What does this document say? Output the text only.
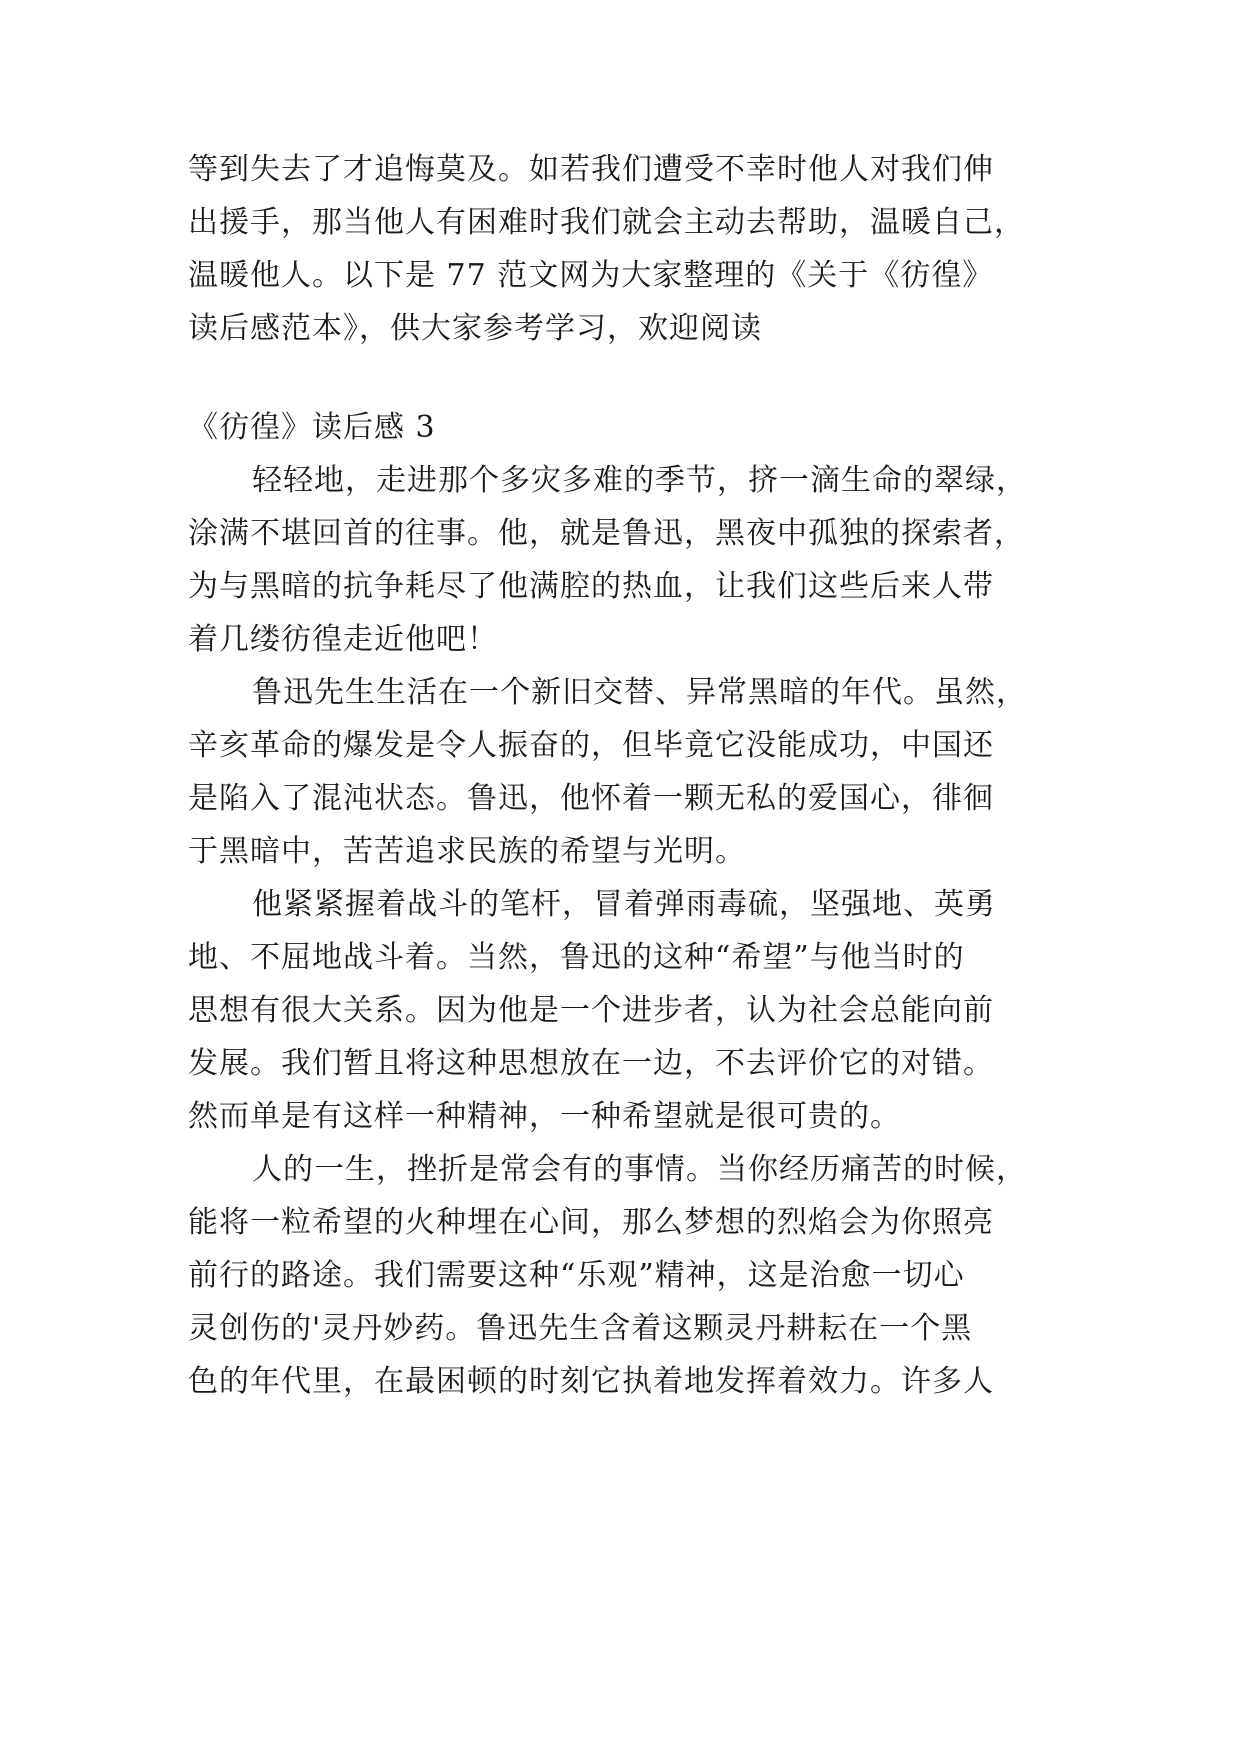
等到失去了才追悔莫及。如若我们遭受不幸时他人对我们伸

出援手，那当他人有困难时我们就会主动去帮助，温暖自己，

温暖他人。以下是 77 范文网为大家整理的《关于《彷徨》

读后感范本》，供大家参考学习，欢迎阅读

《彷徨》读后感 3

轻轻地，走进那个多灾多难的季节，挤一滴生命的翠绿，

涂满不堪回首的往事。他，就是鲁迅，黑夜中孤独的探索者，

为与黑暗的抗争耗尽了他满腔的热血，让我们这些后来人带

着几缕彷徨走近他吧！

鲁迅先生生活在一个新旧交替、异常黑暗的年代。虽然，

辛亥革命的爆发是令人振奋的，但毕竟它没能成功，中国还

是陷入了混沌状态。鲁迅，他怀着一颗无私的爱国心，徘徊

于黑暗中，苦苦追求民族的希望与光明。

他紧紧握着战斗的笔杆，冒着弹雨毒硫，坚强地、英勇

地、不屈地战斗着。当然，鲁迅的这种“希望”与他当时的

思想有很大关系。因为他是一个进步者，认为社会总能向前

发展。我们暂且将这种思想放在一边，不去评价它的对错。

然而单是有这样一种精神，一种希望就是很可贵的。

人的一生，挫折是常会有的事情。当你经历痛苦的时候，

能将一粒希望的火种埋在心间，那么梦想的烈焰会为你照亮

前行的路途。我们需要这种“乐观”精神，这是治愈一切心

灵创伤的'灵丹妙药。鲁迅先生含着这颗灵丹耕耘在一个黑

色的年代里，在最困顿的时刻它执着地发挥着效力。许多人
